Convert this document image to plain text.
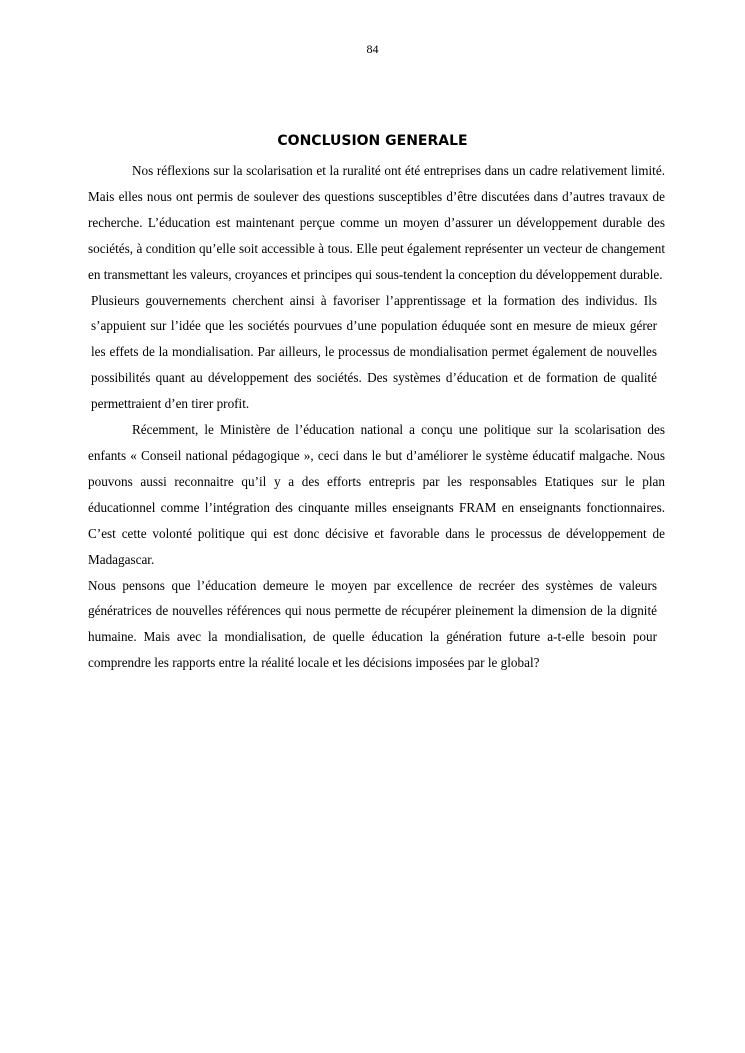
84
CONCLUSION GENERALE

Nos réflexions sur la scolarisation et la ruralité ont été entreprises dans un cadre relativement limité. Mais elles nous ont permis de soulever des questions susceptibles d’être discutées dans d’autres travaux de recherche. L’éducation est maintenant perçue comme un moyen d’assurer un développement durable des sociétés, à condition qu’elle soit accessible à tous. Elle peut également représenter un vecteur de changement en transmettant les valeurs, croyances et principes qui sous-tendent la conception du développement durable.

Plusieurs gouvernements cherchent ainsi à favoriser l’apprentissage et la formation des individus. Ils s’appuient sur l’idée que les sociétés pourvues d’une population éduquée sont en mesure de mieux gérer les effets de la mondialisation. Par ailleurs, le processus de mondialisation permet également de nouvelles possibilités quant au développement des sociétés. Des systèmes d’éducation et de formation de qualité permettraient d’en tirer profit.

Récemment, le Ministère de l’éducation national a conçu une politique sur la scolarisation des enfants « Conseil national pédagogique », ceci dans le but d’améliorer le système éducatif malgache. Nous pouvons aussi reconnaitre qu’il y a des efforts entrepris par les responsables Etatiques sur le plan éducationnel comme l’intégration des cinquante milles enseignants FRAM en enseignants fonctionnaires. C’est cette volonté politique qui est donc décisive et favorable dans le processus de développement de Madagascar.

Nous pensons que l’éducation demeure le moyen par excellence de recréer des systèmes de valeurs génératrices de nouvelles références qui nous permette de récupérer pleinement la dimension de la dignité humaine. Mais avec la mondialisation, de quelle éducation la génération future a-t-elle besoin pour comprendre les rapports entre la réalité locale et les décisions imposées par le global?
